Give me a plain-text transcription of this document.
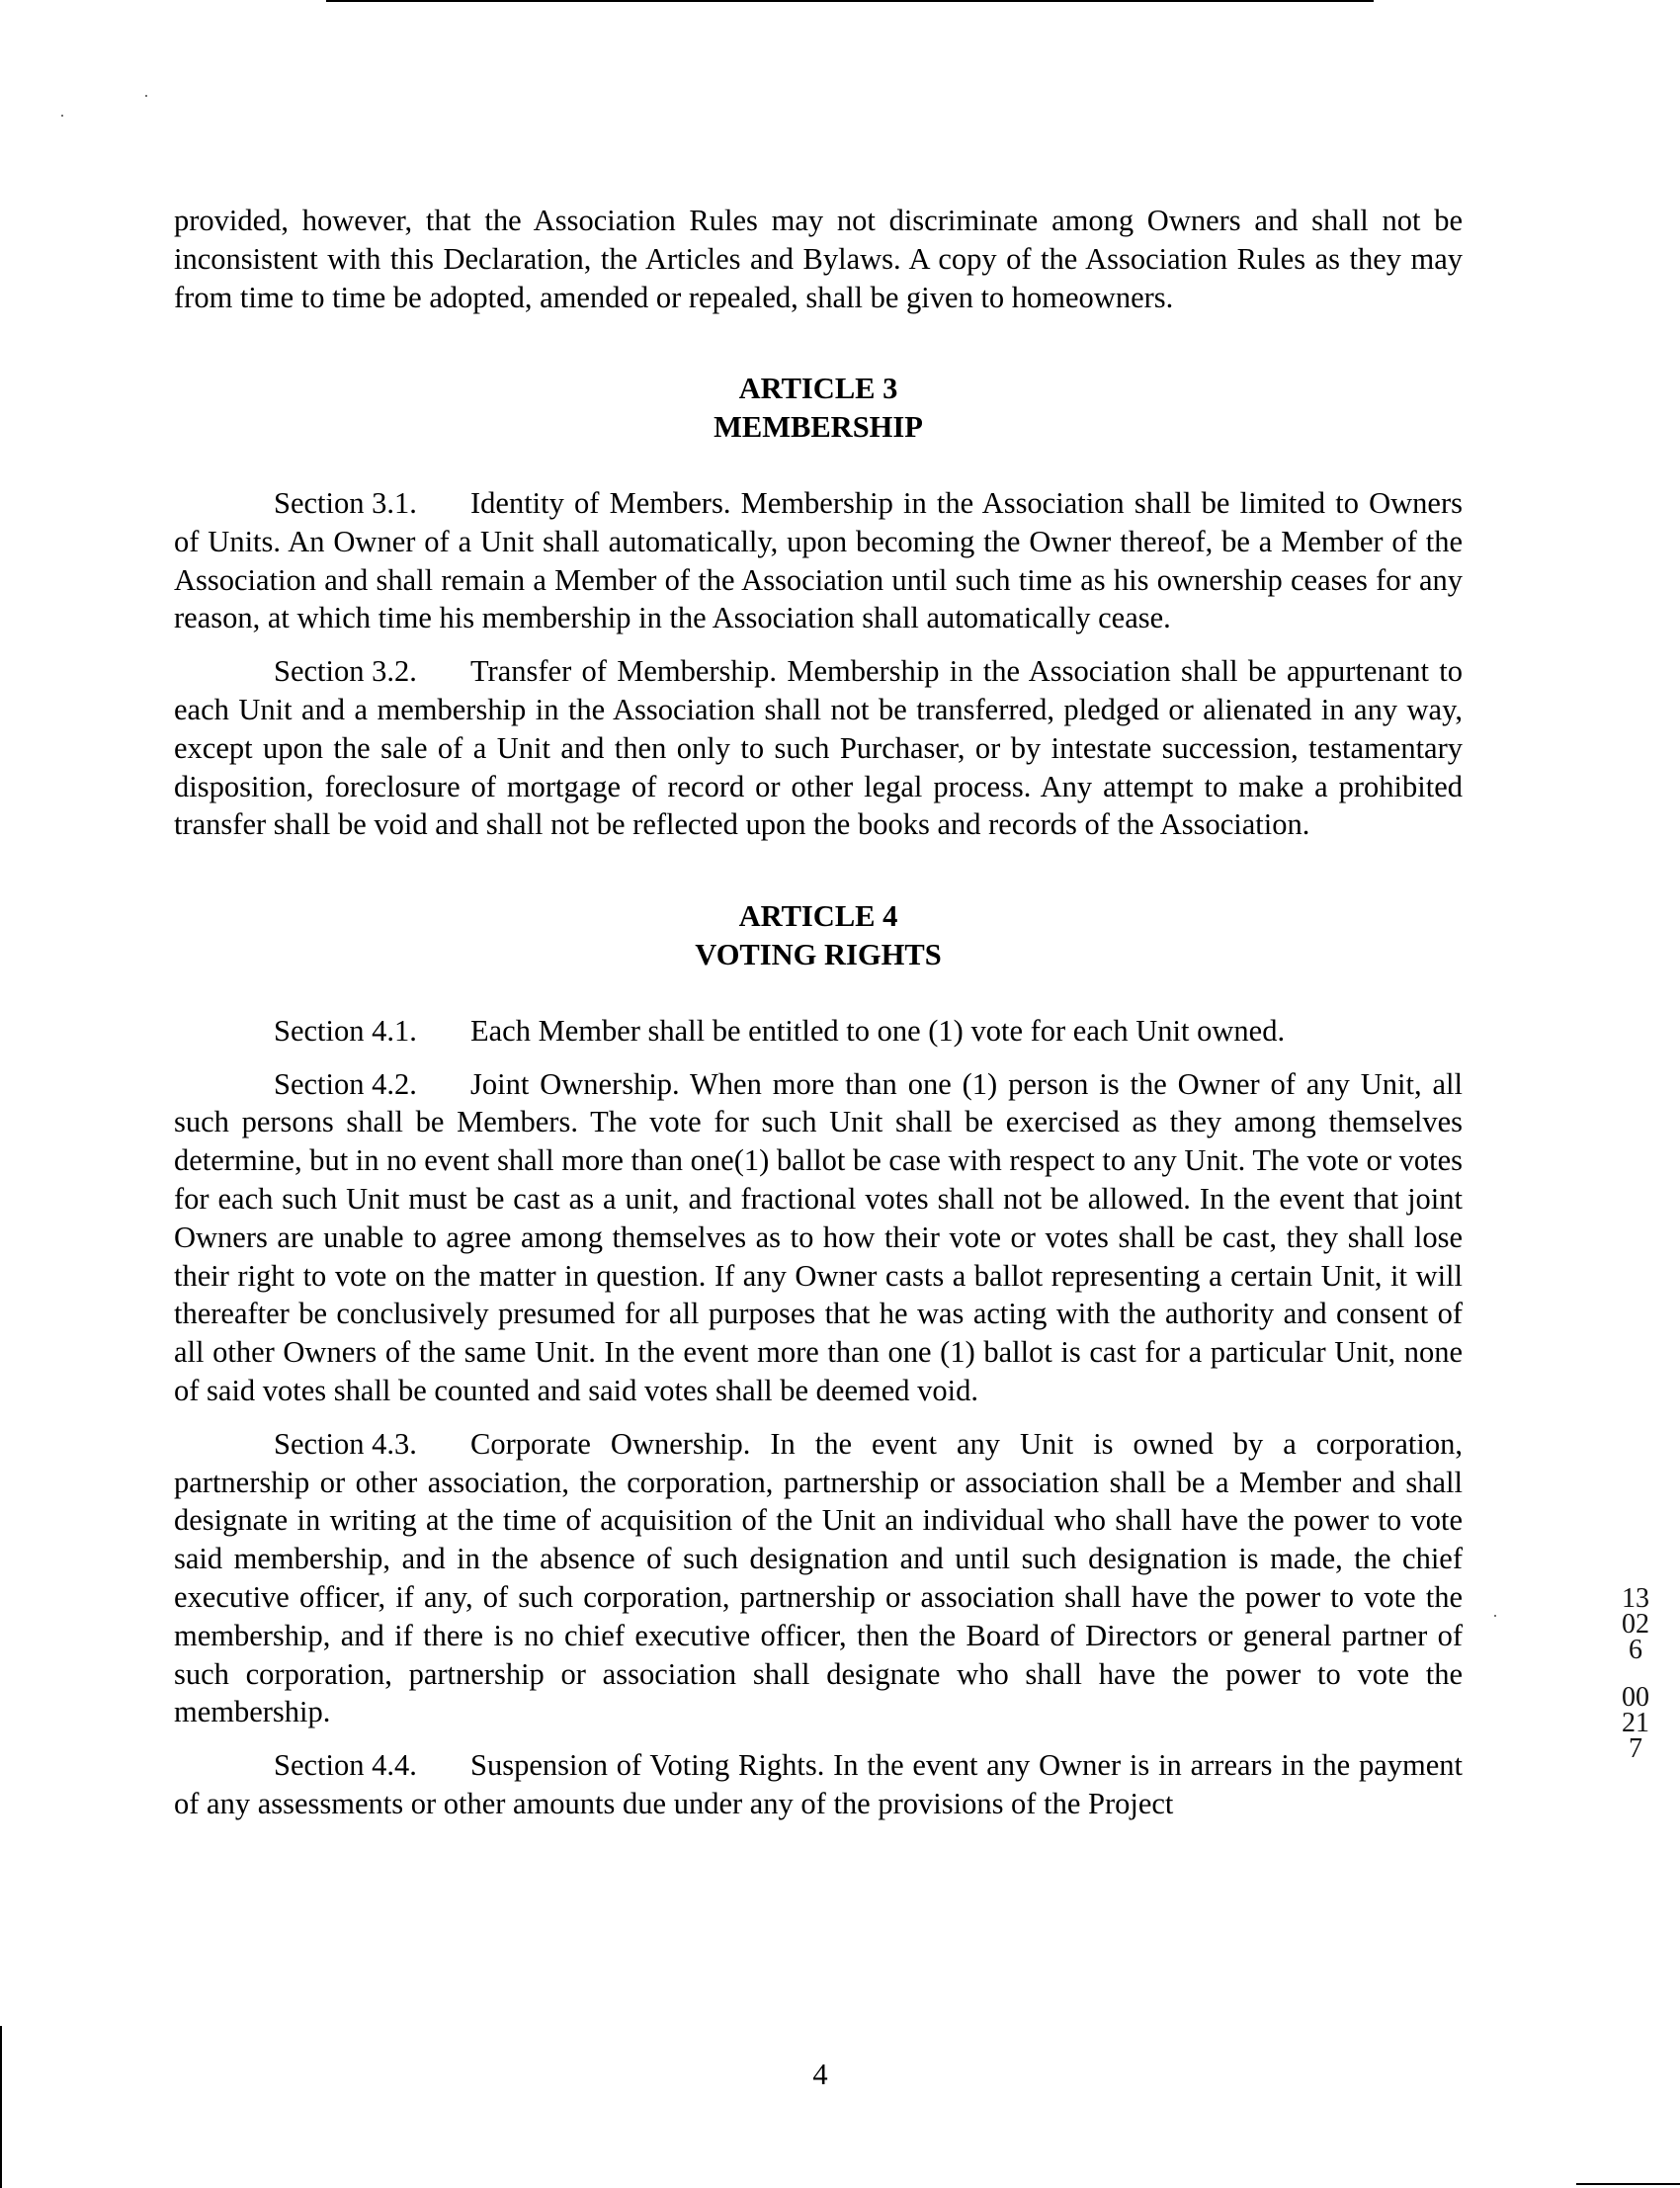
provided, however, that the Association Rules may not discriminate among Owners and shall not be inconsistent with this Declaration, the Articles and Bylaws. A copy of the Association Rules as they may from time to time be adopted, amended or repealed, shall be given to homeowners.

ARTICLE 3
MEMBERSHIP

Section 3.1. Identity of Members. Membership in the Association shall be limited to Owners of Units. An Owner of a Unit shall automatically, upon becoming the Owner thereof, be a Member of the Association and shall remain a Member of the Association until such time as his ownership ceases for any reason, at which time his membership in the Association shall automatically cease.

Section 3.2. Transfer of Membership. Membership in the Association shall be appurtenant to each Unit and a membership in the Association shall not be transferred, pledged or alienated in any way, except upon the sale of a Unit and then only to such Purchaser, or by intestate succession, testamentary disposition, foreclosure of mortgage of record or other legal process. Any attempt to make a prohibited transfer shall be void and shall not be reflected upon the books and records of the Association.

ARTICLE 4
VOTING RIGHTS

Section 4.1. Each Member shall be entitled to one (1) vote for each Unit owned.

Section 4.2. Joint Ownership. When more than one (1) person is the Owner of any Unit, all such persons shall be Members. The vote for such Unit shall be exercised as they among themselves determine, but in no event shall more than one(1) ballot be case with respect to any Unit. The vote or votes for each such Unit must be cast as a unit, and fractional votes shall not be allowed. In the event that joint Owners are unable to agree among themselves as to how their vote or votes shall be cast, they shall lose their right to vote on the matter in question. If any Owner casts a ballot representing a certain Unit, it will thereafter be conclusively presumed for all purposes that he was acting with the authority and consent of all other Owners of the same Unit. In the event more than one (1) ballot is cast for a particular Unit, none of said votes shall be counted and said votes shall be deemed void.

Section 4.3. Corporate Ownership. In the event any Unit is owned by a corporation, partnership or other association, the corporation, partnership or association shall be a Member and shall designate in writing at the time of acquisition of the Unit an individual who shall have the power to vote said membership, and in the absence of such designation and until such designation is made, the chief executive officer, if any, of such corporation, partnership or association shall have the power to vote the membership, and if there is no chief executive officer, then the Board of Directors or general partner of such corporation, partnership or association shall designate who shall have the power to vote the membership.

Section 4.4. Suspension of Voting Rights. In the event any Owner is in arrears in the payment of any assessments or other amounts due under any of the provisions of the Project

4
13026
00217
